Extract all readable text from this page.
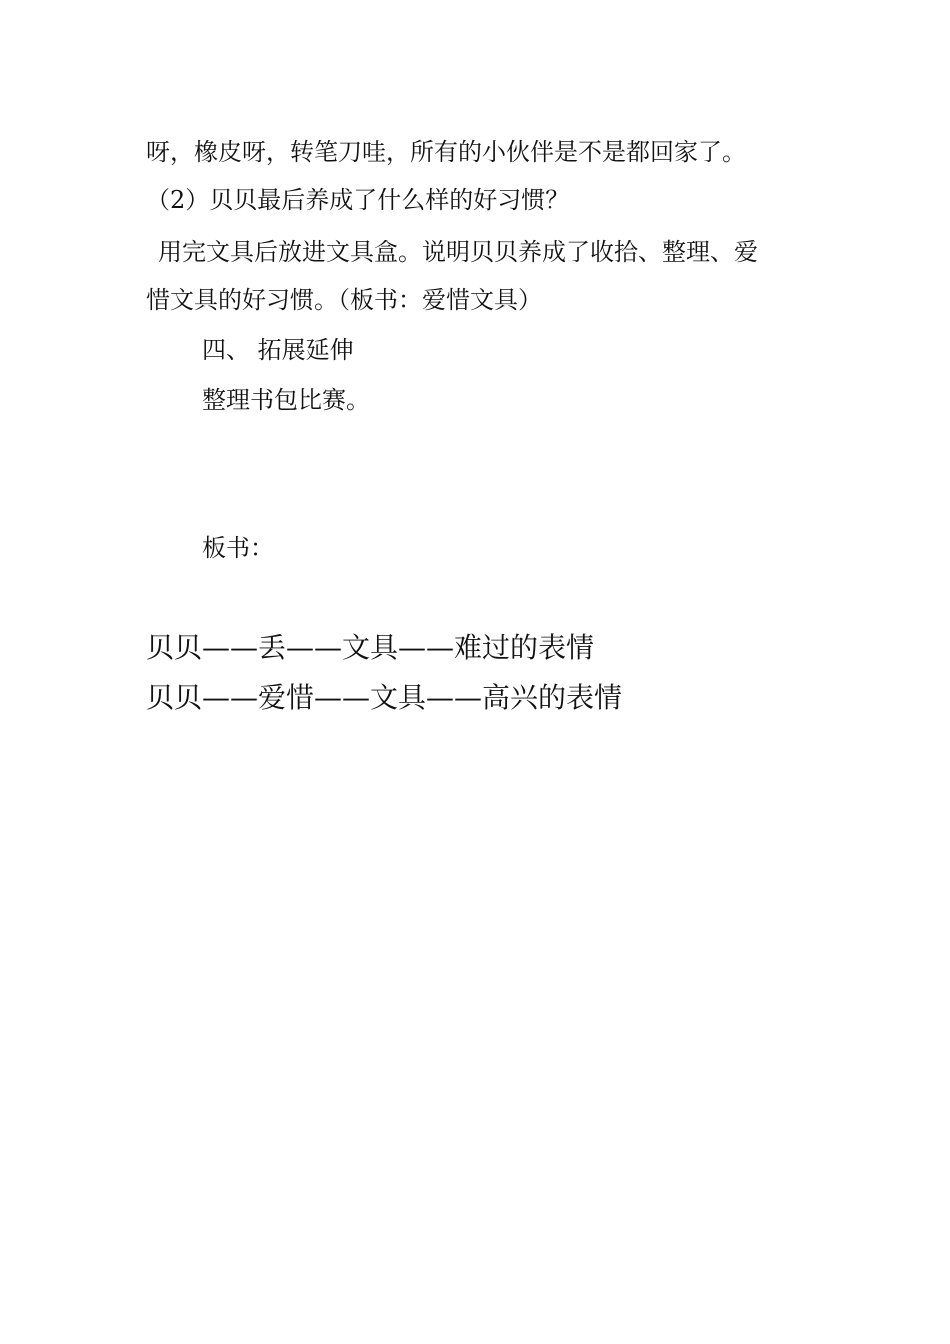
呀，橡皮呀，转笔刀哇，所有的小伙伴是不是都回家了。
（2）贝贝最后养成了什么样的好习惯？
用完文具后放进文具盒。说明贝贝养成了收拾、整理、爱
惜文具的好习惯。（板书：爱惜文具）
四、 拓展延伸
整理书包比赛。
板书：
贝贝——丢——文具——难过的表情
贝贝——爱惜——文具——高兴的表情
